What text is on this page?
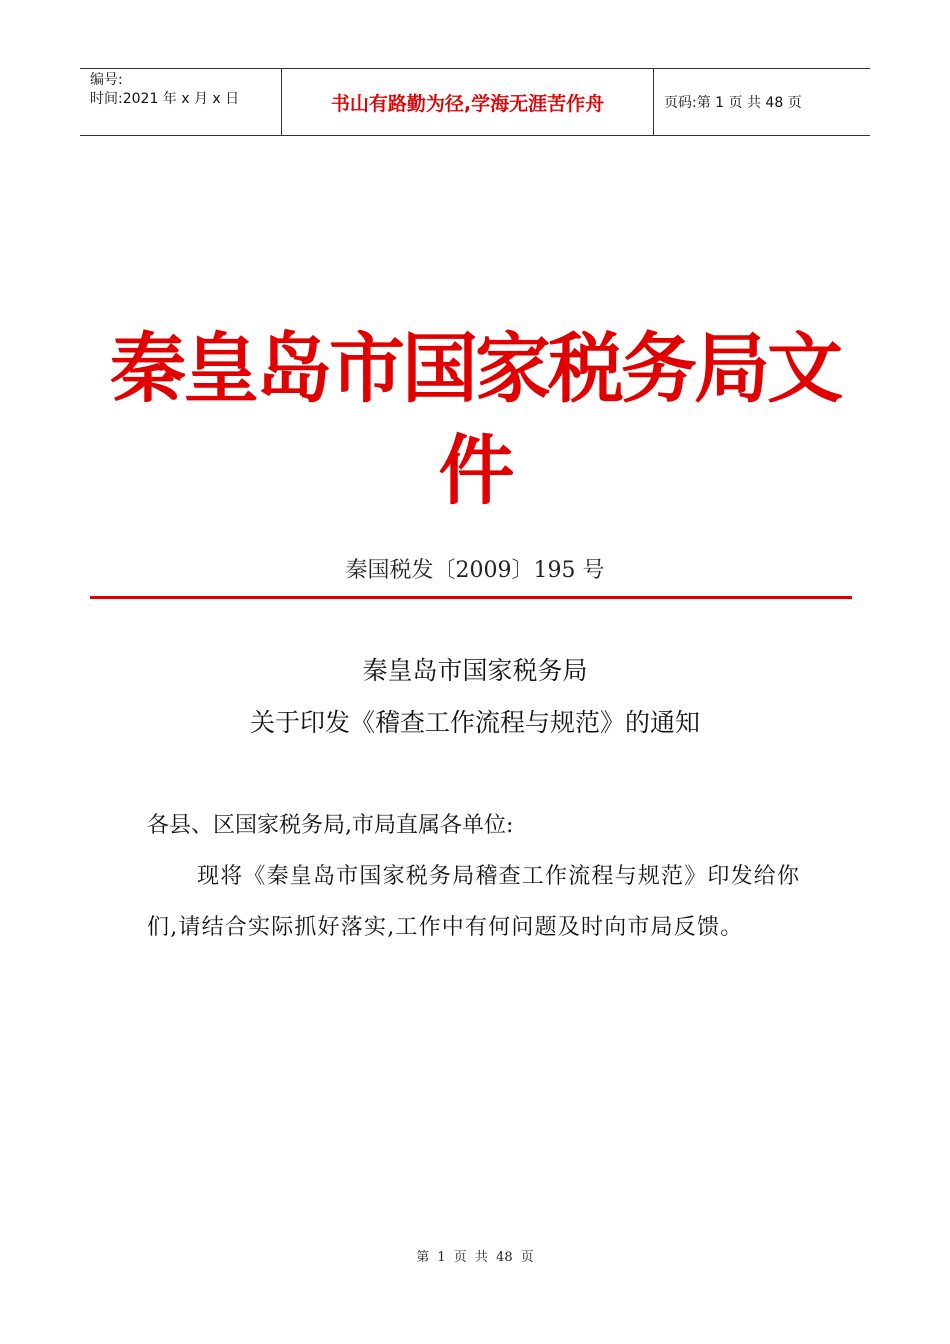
编号:
时间:2021 年 x 月 x 日	书山有路勤为径,学海无涯苦作舟	页码:第 1 页 共 48 页
秦皇岛市国家税务局文件
秦国税发〔2009〕195 号
秦皇岛市国家税务局
关于印发《稽查工作流程与规范》的通知

各县、区国家税务局,市局直属各单位:

现将《秦皇岛市国家税务局稽查工作流程与规范》印发给你们,请结合实际抓好落实,工作中有何问题及时向市局反馈。

第 1 页 共 48 页
